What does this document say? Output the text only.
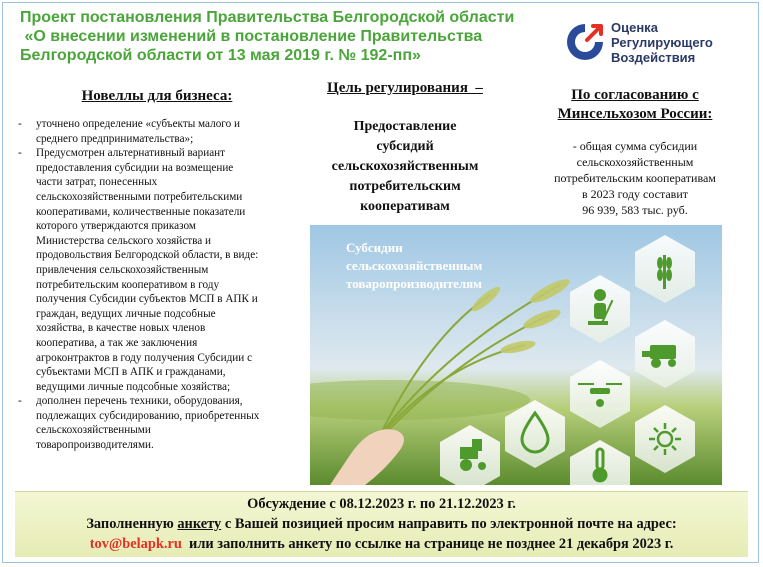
Проект постановления Правительства Белгородской области
«О внесении изменений в постановление Правительства
Белгородской области от 13 мая 2019 г. № 192-пп»
Оценка
Регулирующего
Воздействия
Новеллы для бизнеса:
- уточнено определение «субъекты малого и
среднего предпринимательства»;
- Предусмотрен альтернативный вариант
предоставления субсидии на возмещение
части затрат, понесенных
сельскохозяйственными потребительскими
кооперативами, количественные показатели
которого утверждаются приказом
Министерства сельского хозяйства и
продовольствия Белгородской области, в виде:
привлечения сельскохозяйственным
потребительским кооперативом в году
получения Субсидии субъектов МСП в АПК и
граждан, ведущих личные подсобные
хозяйства, в качестве новых членов
кооператива, а так же заключения
агроконтрактов в году получения Субсидии с
субъектами МСП в АПК и гражданами,
ведущими личные подсобные хозяйства;
- дополнен перечень техники, оборудования,
подлежащих субсидированию, приобретенных
сельскохозяйственными
товаропроизводителями.
Цель регулирования  –
Предоставление
субсидий
сельскохозяйственным
потребительским
кооперативам
По согласованию с
Минсельхозом России:
- общая сумма субсидии
сельскохозяйственным
потребительским кооперативам
в 2023 году составит
96 939, 583 тыс. руб.
Субсидии
сельскохозяйственным
товаропроизводителям
Обсуждение с 08.12.2023 г. по 21.12.2023 г.
Заполненную анкету с Вашей позицией просим направить по электронной почте на адрес:
tov@belapk.ru  или заполнить анкету по ссылке на странице не позднее 21 декабря 2023 г.
